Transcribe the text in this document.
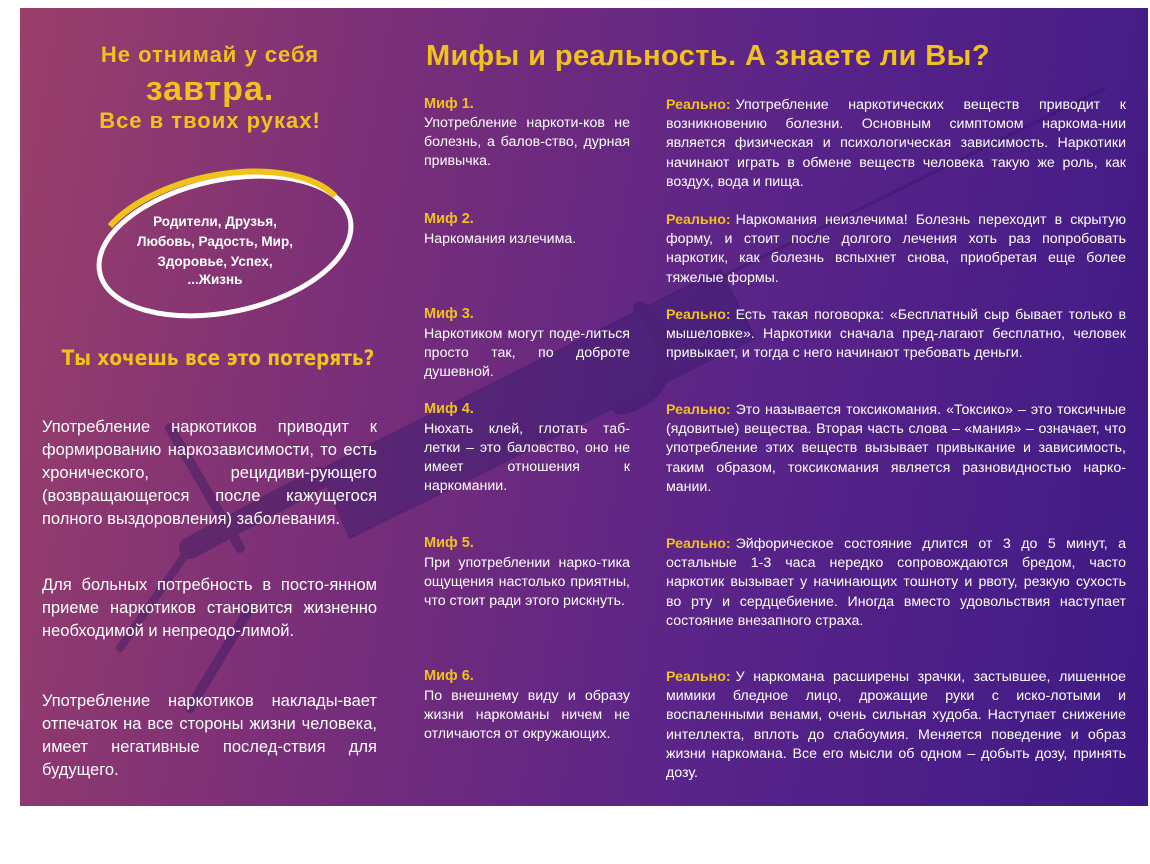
Не отнимай у себя
завтра.
Все в твоих руках!
Родители, Друзья,
Любовь, Радость, Мир,
Здоровье, Успех,
...Жизнь
Ты хочешь все это потерять?
Употребление наркотиков приводит к формированию наркозависимости, то есть хронического, рецидиви-рующего (возвращающегося после кажущегося полного выздоровления) заболевания.
Для больных потребность в посто-янном приеме наркотиков становится жизненно необходимой и непреодо-лимой.
Употребление наркотиков наклады-вает отпечаток на все стороны жизни человека, имеет негативные послед-ствия для будущего.
Мифы и реальность. А знаете ли Вы?
Миф 1.
Употребление наркоти-ков не болезнь, а балов-ство, дурная привычка.
Реально: Употребление наркотических веществ приводит к возникновению болезни. Основным симптомом наркома-нии является физическая и психологическая зависимость. Наркотики начинают играть в обмене веществ человека такую же роль, как воздух, вода и пища.
Миф 2.
Наркомания излечима.
Реально: Наркомания неизлечима! Болезнь переходит в скрытую форму, и стоит после долгого лечения хоть раз попробовать наркотик, как болезнь вспыхнет снова, приобретая еще более тяжелые формы.
Миф 3.
Наркотиком могут поде-литься просто так, по доброте душевной.
Реально: Есть такая поговорка: «Бесплатный сыр бывает только в мышеловке». Наркотики сначала пред-лагают бесплатно, человек привыкает, и тогда с него начинают требовать деньги.
Миф 4.
Нюхать клей, глотать таб-летки – это баловство, оно не имеет отношения к наркомании.
Реально: Это называется токсикомания. «Токсико» – это токсичные (ядовитые) вещества. Вторая часть слова – «мания» – означает, что употребление этих веществ вызывает привыкание и зависимость, таким образом, токсикомания является разновидностью нарко-мании.
Миф 5.
При употреблении нарко-тика ощущения настолько приятны, что стоит ради этого рискнуть.
Реально: Эйфорическое состояние длится от 3 до 5 минут, а остальные 1-3 часа нередко сопровождаются бредом, часто наркотик вызывает у начинающих тошноту и рвоту, резкую сухость во рту и сердцебиение. Иногда вместо удовольствия наступает состояние внезапного страха.
Миф 6.
По внешнему виду и образу жизни наркоманы ничем не отличаются от окружающих.
Реально: У наркомана расширены зрачки, застывшее, лишенное мимики бледное лицо, дрожащие руки с иско-лотыми и воспаленными венами, очень сильная худоба. Наступает снижение интеллекта, вплоть до слабоумия. Меняется поведение и образ жизни наркомана. Все его мысли об одном – добыть дозу, принять дозу.
